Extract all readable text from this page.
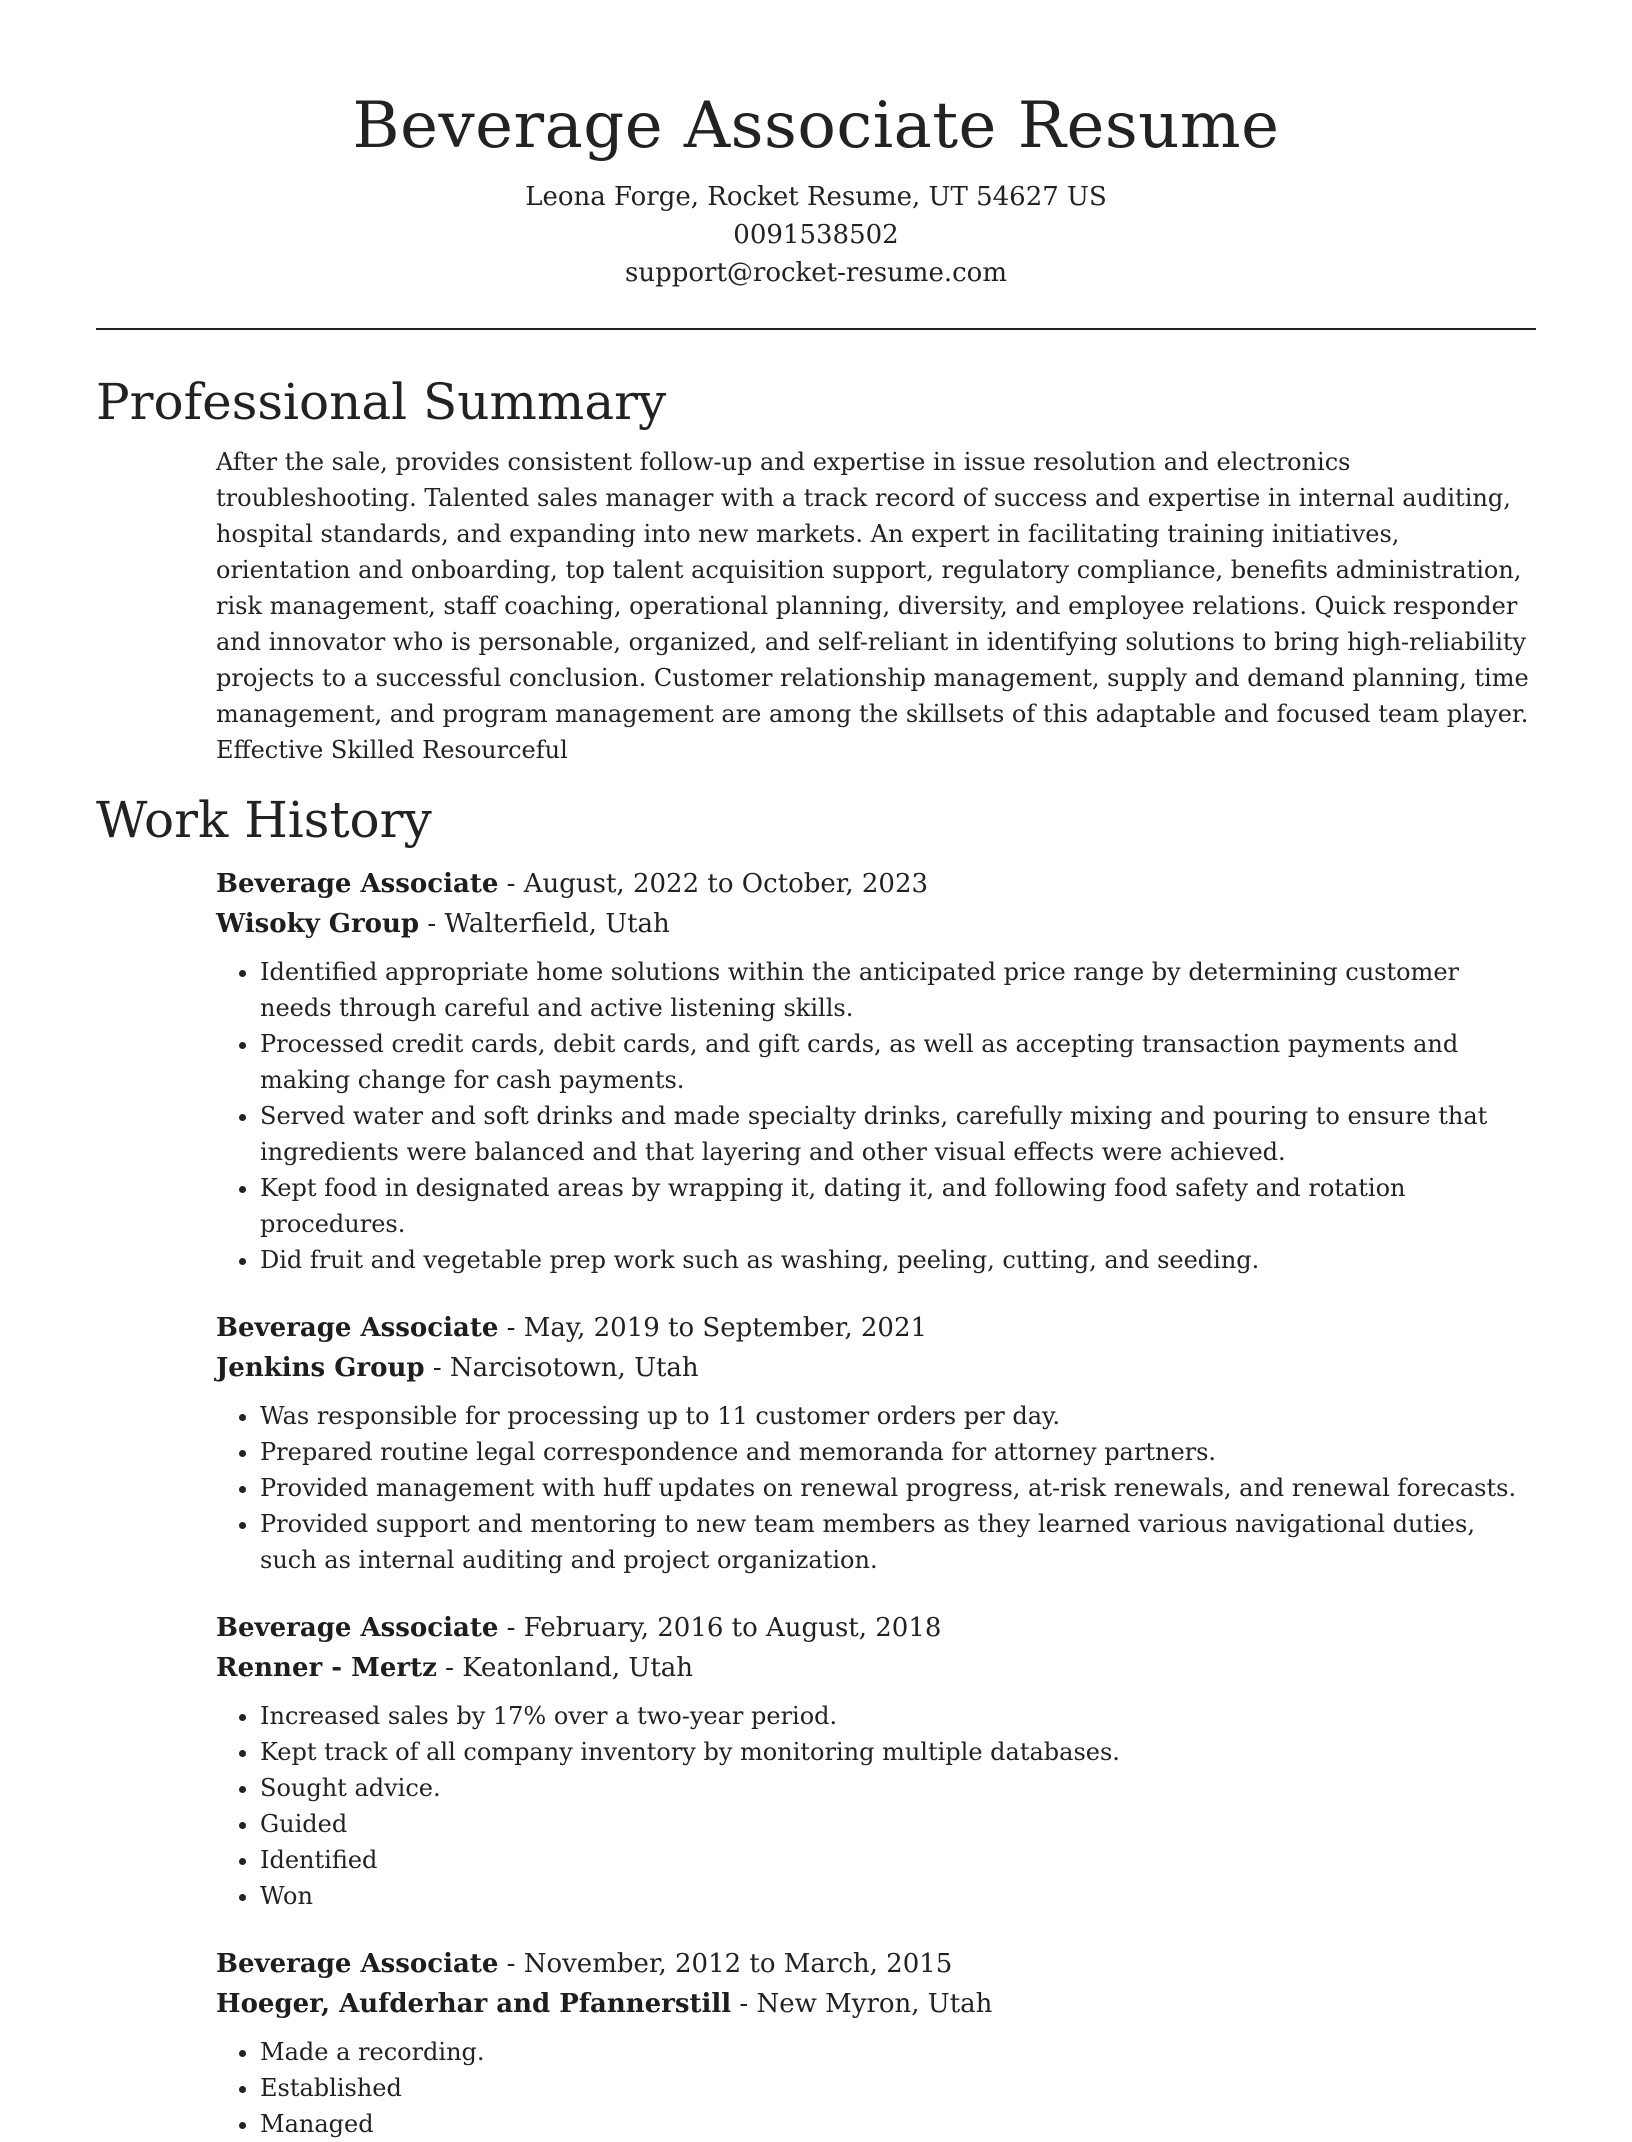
Beverage Associate Resume

Leona Forge, Rocket Resume, UT 54627 US

0091538502

support@rocket-resume.com

Professional Summary

After the sale, provides consistent follow-up and expertise in issue resolution and electronics troubleshooting. Talented sales manager with a track record of success and expertise in internal auditing, hospital standards, and expanding into new markets. An expert in facilitating training initiatives, orientation and onboarding, top talent acquisition support, regulatory compliance, benefits administration, risk management, staff coaching, operational planning, diversity, and employee relations. Quick responder and innovator who is personable, organized, and self-reliant in identifying solutions to bring high-reliability projects to a successful conclusion. Customer relationship management, supply and demand planning, time management, and program management are among the skillsets of this adaptable and focused team player. Effective Skilled Resourceful

Work History

Beverage Associate - August, 2022 to October, 2023

Wisoky Group - Walterfield, Utah

• Identified appropriate home solutions within the anticipated price range by determining customer needs through careful and active listening skills.
• Processed credit cards, debit cards, and gift cards, as well as accepting transaction payments and making change for cash payments.
• Served water and soft drinks and made specialty drinks, carefully mixing and pouring to ensure that ingredients were balanced and that layering and other visual effects were achieved.
• Kept food in designated areas by wrapping it, dating it, and following food safety and rotation procedures.
• Did fruit and vegetable prep work such as washing, peeling, cutting, and seeding.

Beverage Associate - May, 2019 to September, 2021

Jenkins Group - Narcisotown, Utah

• Was responsible for processing up to 11 customer orders per day.
• Prepared routine legal correspondence and memoranda for attorney partners.
• Provided management with huff updates on renewal progress, at-risk renewals, and renewal forecasts.
• Provided support and mentoring to new team members as they learned various navigational duties, such as internal auditing and project organization.

Beverage Associate - February, 2016 to August, 2018

Renner - Mertz - Keatonland, Utah

• Increased sales by 17% over a two-year period.
• Kept track of all company inventory by monitoring multiple databases.
• Sought advice.
• Guided
• Identified
• Won

Beverage Associate - November, 2012 to March, 2015

Hoeger, Aufderhar and Pfannerstill - New Myron, Utah

• Made a recording.
• Established
• Managed
